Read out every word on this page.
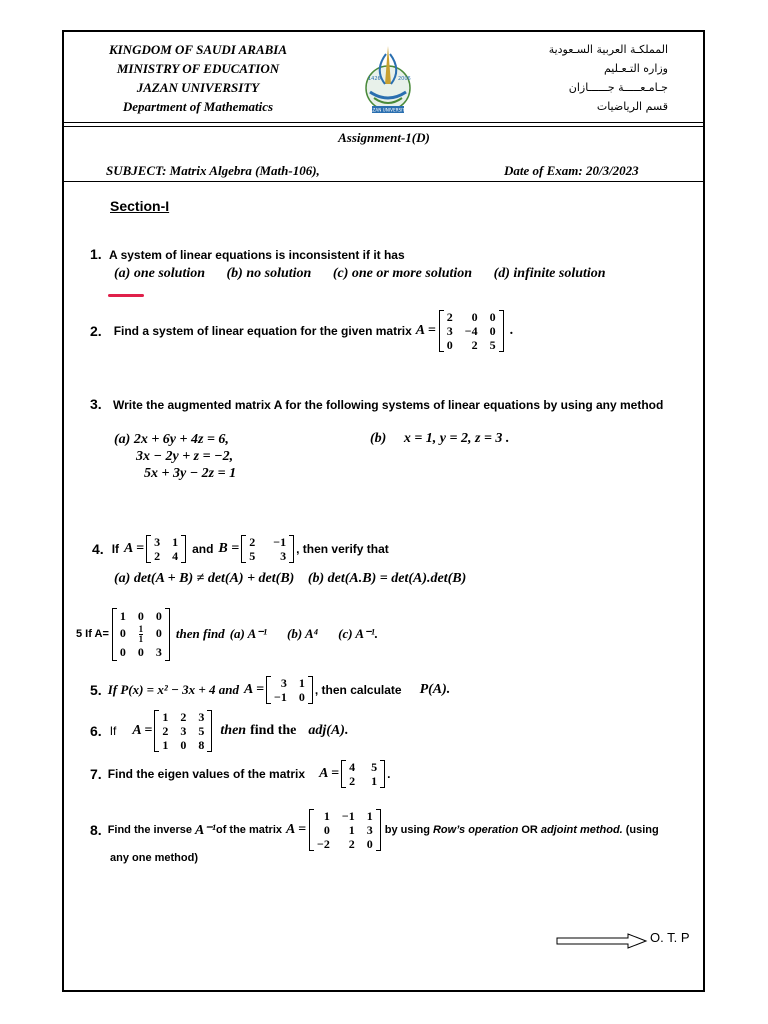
KINGDOM OF SAUDI ARABIA
MINISTRY OF EDUCATION
JAZAN UNIVERSITY
Department of Mathematics
1426	2006
JAZAN UNIVERSITY
المملكـة العربية السـعودية
وزاره التـعـليم
جـامـعـــــة جــــــازان
قسم الرياضيات
Assignment-1(D)
SUBJECT: Matrix Algebra (Math-106),	Date of Exam: 20/3/2023
Section-I
1. A system of linear equations is inconsistent if it has
(a) one solution (b) no solution (c) one or more solution (d) infinite solution
2. Find a system of linear equation for the given matrix A =
2	0 0
3 −4 0
0	2 5
.
3. Write the augmented matrix A for the following systems of linear equations by using any method
(a) 2x + 6y + 4z = 6,
3x − 2y + z = −2,
5x + 3y − 2z = 1
(b) x = 1, y = 2, z = 3 .
4. If A = 3 1
2 4 and B = 2 −1
5	3 , then verify that
(a) det(A + B) ≠ det(A) + det(B) (b) det(A.B) = det(A).det(B)
5 If A=
1 0 0
$0 \frac{1}{1} 0$
0 0 3
then find (a) A⁻¹ (b) A⁴ (c) A⁻¹.
5. If P(x) = x² − 3x + 4 and A =	3 1
−1 0 , then calculate P(A).
6. If A =
1 2 3
2 3 5
1 0 8
then find the adj(A).
7. Find the eigen values of the matrix A = 4 5
2 1 .
8. Find the inverse A⁻¹ of the matrix A =
1 −1 1
0	1 3
−2	2 0
by using Row’s operation OR adjoint method. (using
any one method)
O. T. P
